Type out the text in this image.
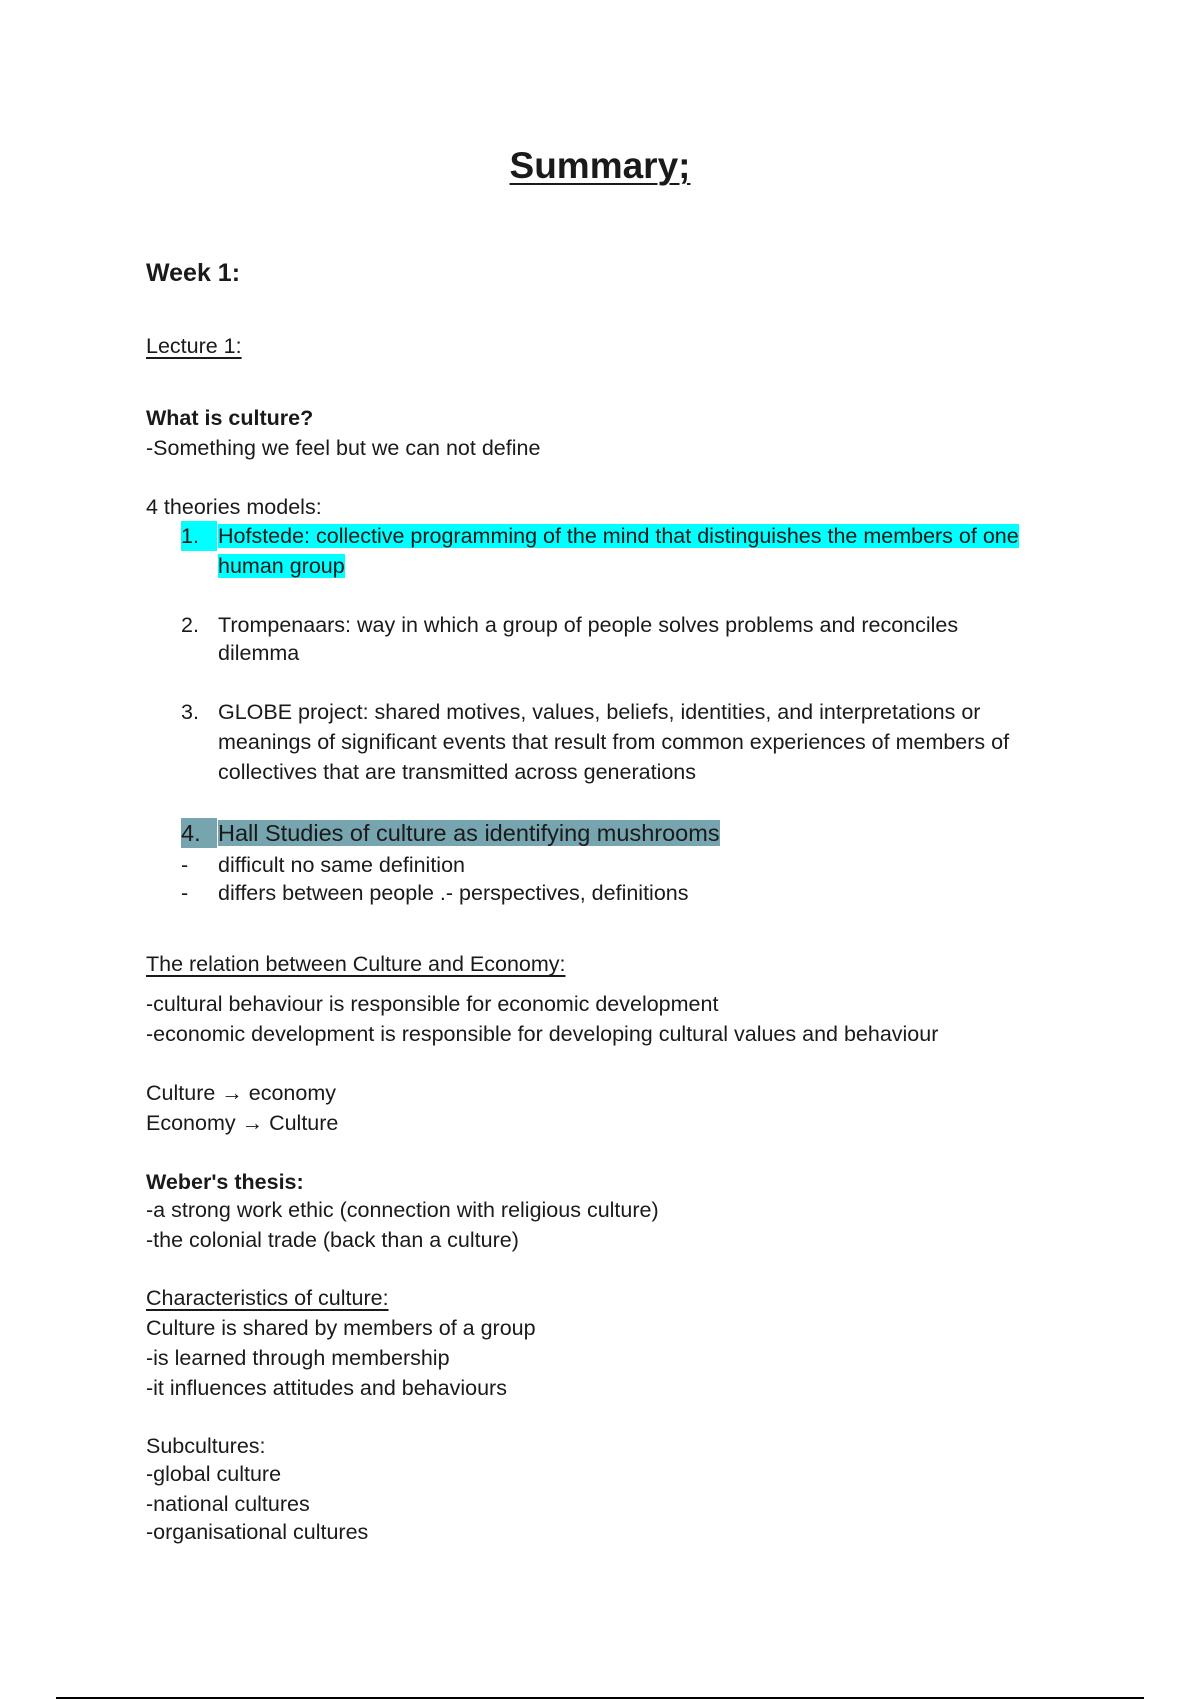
Summary;
Week 1:
Lecture 1:
What is culture?
-Something we feel but we can not define
4 theories models:
1. Hofstede: collective programming of the mind that distinguishes the members of one
human group
2. Trompenaars: way in which a group of people solves problems and reconciles
dilemma
3. GLOBE project: shared motives, values, beliefs, identities, and interpretations or
meanings of significant events that result from common experiences of members of
collectives that are transmitted across generations
4. Hall Studies of culture as identifying mushrooms
-	difficult no same definition
-	differs between people .- perspectives, definitions
The relation between Culture and Economy:
-cultural behaviour is responsible for economic development
-economic development is responsible for developing cultural values and behaviour
Culture → economy
Economy → Culture
Weber's thesis:
-a strong work ethic (connection with religious culture)
-the colonial trade (back than a culture)
Characteristics of culture:
Culture is shared by members of a group
-is learned through membership
-it influences attitudes and behaviours
Subcultures:
-global culture
-national cultures
-organisational cultures
